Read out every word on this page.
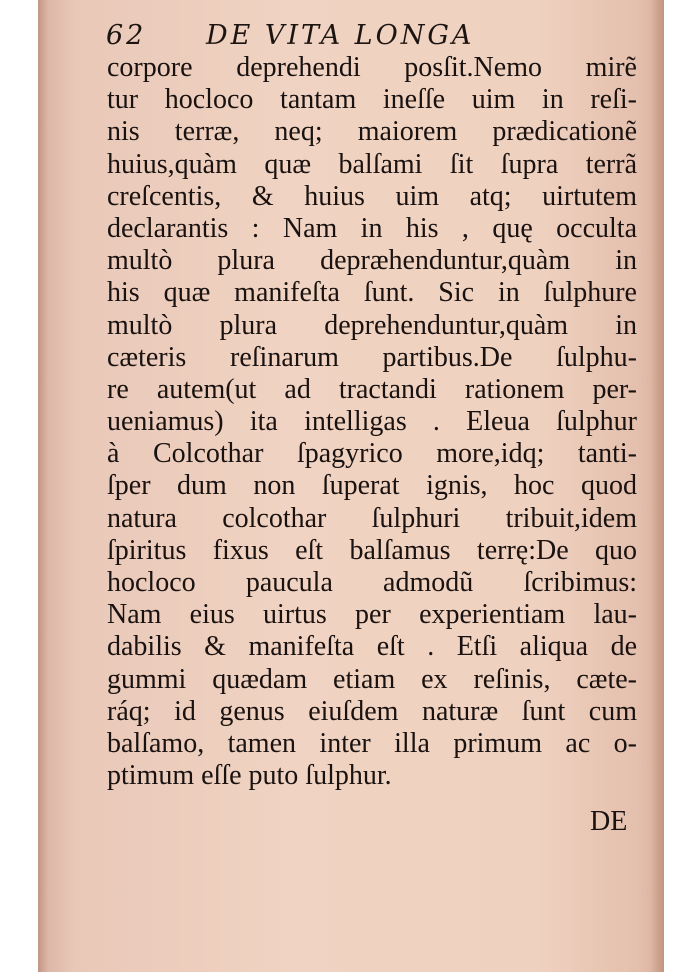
62 DE VITA LONGA
corpore deprehendi posſit.Nemo mirẽ
tur hocloco tantam ineſſe uim in reſi-
nis terræ, neq; maiorem prædicationẽ
huius,quàm quæ balſami ſit ſupra terrã
creſcentis, & huius uim atq; uirtutem
declarantis : Nam in his , quę occulta
multò plura depræhenduntur,quàm in
his quæ manifeſta ſunt. Sic in ſulphure
multò plura deprehenduntur,quàm in
cæteris reſinarum partibus.De ſulphu-
re autem(ut ad tractandi rationem per-
ueniamus) ita intelligas . Eleua ſulphur
à Colcothar ſpagyrico more,idq; tanti-
ſper dum non ſuperat ignis, hoc quod
natura colcothar ſulphuri tribuit,idem
ſpiritus fixus eſt balſamus terrę:De quo
hocloco paucula admodũ ſcribimus:
Nam eius uirtus per experientiam lau-
dabilis & manifeſta eſt . Etſi aliqua de
gummi quædam etiam ex reſinis, cæte-
ráq; id genus eiuſdem naturæ ſunt cum
balſamo, tamen inter illa primum ac o-
ptimum eſſe puto ſulphur.
DE
